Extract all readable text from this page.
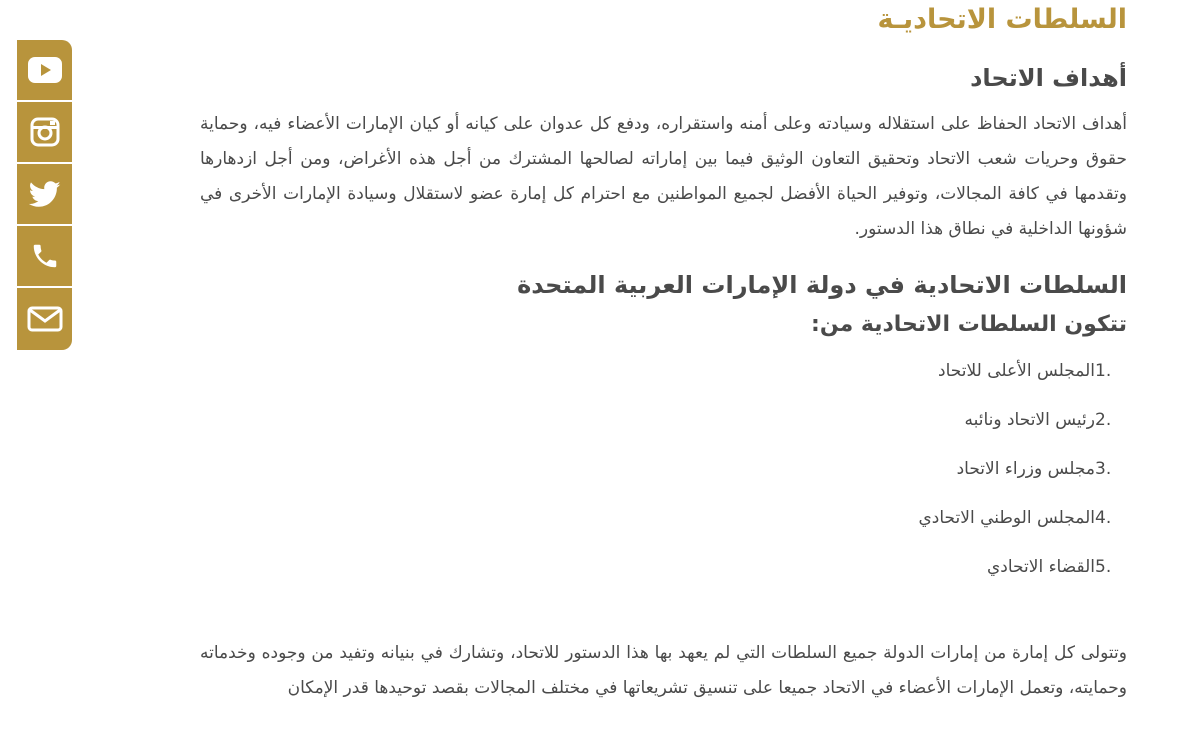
السلطات الاتحاديـة
أهداف الاتحاد

أهداف الاتحاد الحفاظ على استقلاله وسيادته وعلى أمنه واستقراره، ودفع كل عدوان على كيانه أو كيان الإمارات الأعضاء فيه، وحماية حقوق وحريات شعب الاتحاد وتحقيق التعاون الوثيق فيما بين إماراته لصالحها المشترك من أجل هذه الأغراض، ومن أجل ازدهارها وتقدمها في كافة المجالات، وتوفير الحياة الأفضل لجميع المواطنين مع احترام كل إمارة عضو لاستقلال وسيادة الإمارات الأخرى في شؤونها الداخلية في نطاق هذا الدستور.

السلطات الاتحادية في دولة الإمارات العربية المتحدة
تتكون السلطات الاتحادية من:
1.
المجلس الأعلى للاتحاد
2.
رئيس الاتحاد ونائبه
3.
مجلس وزراء الاتحاد
4.
المجلس الوطني الاتحادي
5.
القضاء الاتحادي

وتتولى كل إمارة من إمارات الدولة جميع السلطات التي لم يعهد بها هذا الدستور للاتحاد، وتشارك في بنيانه وتفيد من وجوده وخدماته وحمايته، وتعمل الإمارات الأعضاء في الاتحاد جميعا على تنسيق تشريعاتها في مختلف المجالات بقصد توحيدها قدر الإمكان
